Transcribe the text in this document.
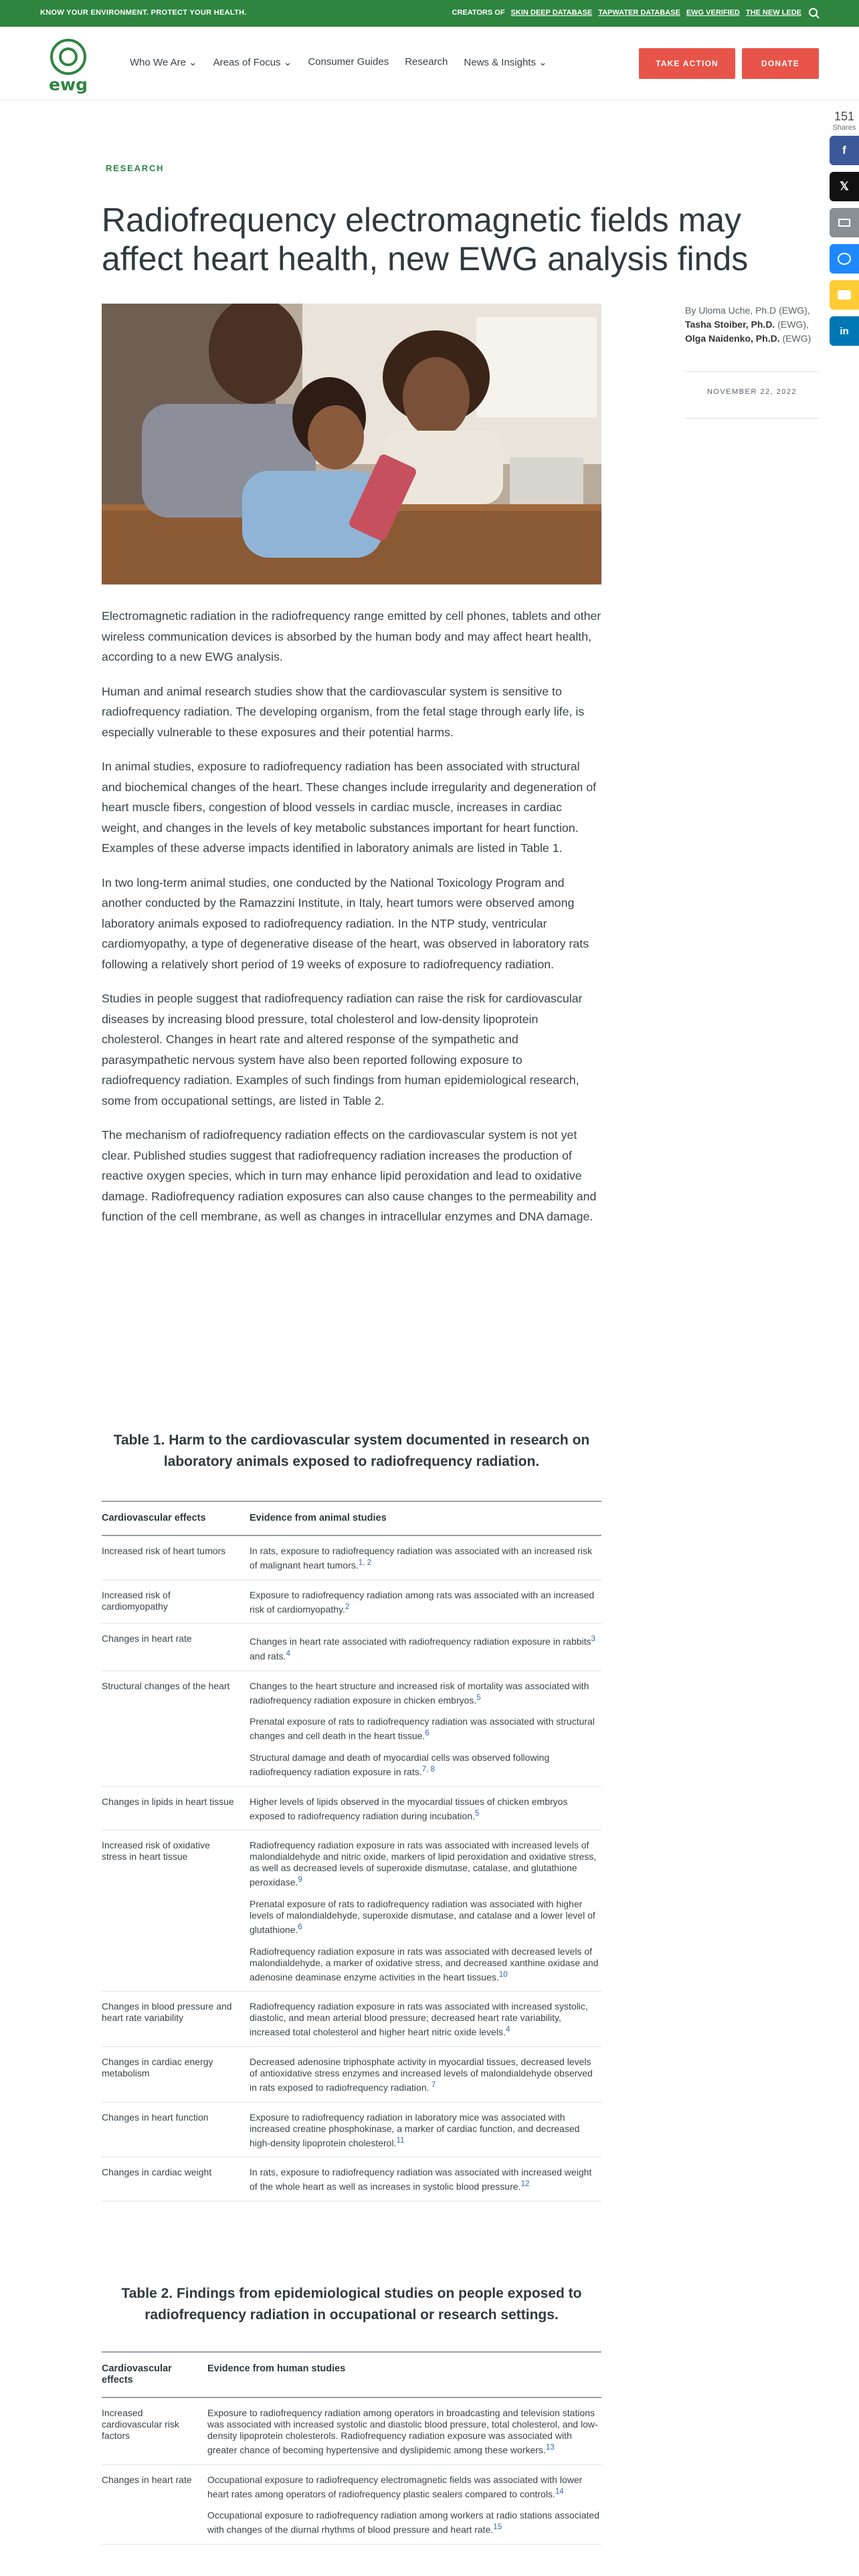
KNOW YOUR ENVIRONMENT. PROTECT YOUR HEALTH.	CREATORS OF SKIN DEEP DATABASE TAPWATER DATABASE EWG VERIFIED THE NEW LEDE
ewg
Who We Are ⌄ Areas of Focus ⌄ Consumer Guides Research News & Insights ⌄	TAKE ACTION	DONATE
151
Shares
f
𝕏
in
RESEARCH
Radiofrequency electromagnetic fields may affect heart health, new EWG analysis finds
By Uloma Uche, Ph.D (EWG), Tasha Stoiber, Ph.D. (EWG), Olga Naidenko, Ph.D. (EWG)
NOVEMBER 22, 2022

Electromagnetic radiation in the radiofrequency range emitted by cell phones, tablets and other wireless communication devices is absorbed by the human body and may affect heart health, according to a new EWG analysis.

Human and animal research studies show that the cardiovascular system is sensitive to radiofrequency radiation. The developing organism, from the fetal stage through early life, is especially vulnerable to these exposures and their potential harms.

In animal studies, exposure to radiofrequency radiation has been associated with structural and biochemical changes of the heart. These changes include irregularity and degeneration of heart muscle fibers, congestion of blood vessels in cardiac muscle, increases in cardiac weight, and changes in the levels of key metabolic substances important for heart function. Examples of these adverse impacts identified in laboratory animals are listed in Table 1.

In two long-term animal studies, one conducted by the National Toxicology Program and another conducted by the Ramazzini Institute, in Italy, heart tumors were observed among laboratory animals exposed to radiofrequency radiation. In the NTP study, ventricular cardiomyopathy, a type of degenerative disease of the heart, was observed in laboratory rats following a relatively short period of 19 weeks of exposure to radiofrequency radiation.

Studies in people suggest that radiofrequency radiation can raise the risk for cardiovascular diseases by increasing blood pressure, total cholesterol and low-density lipoprotein cholesterol. Changes in heart rate and altered response of the sympathetic and parasympathetic nervous system have also been reported following exposure to radiofrequency radiation. Examples of such findings from human epidemiological research, some from occupational settings, are listed in Table 2.

The mechanism of radiofrequency radiation effects on the cardiovascular system is not yet clear. Published studies suggest that radiofrequency radiation increases the production of reactive oxygen species, which in turn may enhance lipid peroxidation and lead to oxidative damage. Radiofrequency radiation exposures can also cause changes to the permeability and function of the cell membrane, as well as changes in intracellular enzymes and DNA damage.

Table 1. Harm to the cardiovascular system documented in research on laboratory animals exposed to radiofrequency radiation.
Cardiovascular effects	Evidence from animal studies
Increased risk of heart tumors	In rats, exposure to radiofrequency radiation was associated with an increased risk of malignant heart tumors.$^{1, 2}$

Increased risk of cardiomyopathy	Exposure to radiofrequency radiation among rats was associated with an increased risk of cardiomyopathy.$^2$

Changes in heart rate	Changes in heart rate associated with radiofrequency radiation exposure in rabbits$^3$ and rats.$^4$

Structural changes of the heart	Changes to the heart structure and increased risk of mortality was associated with radiofrequency radiation exposure in chicken embryos.$^5$

Prenatal exposure of rats to radiofrequency radiation was associated with structural changes and cell death in the heart tissue.$^6$

Structural damage and death of myocardial cells was observed following radiofrequency radiation exposure in rats.$^{7, 8}$

Changes in lipids in heart tissue	Higher levels of lipids observed in the myocardial tissues of chicken embryos exposed to radiofrequency radiation during incubation.$^5$

Increased risk of oxidative stress in heart tissue	Radiofrequency radiation exposure in rats was associated with increased levels of malondialdehyde and nitric oxide, markers of lipid peroxidation and oxidative stress, as well as decreased levels of superoxide dismutase, catalase, and glutathione peroxidase.$^9$

Prenatal exposure of rats to radiofrequency radiation was associated with higher levels of malondialdehyde, superoxide dismutase, and catalase and a lower level of glutathione.$^6$

Radiofrequency radiation exposure in rats was associated with decreased levels of malondialdehyde, a marker of oxidative stress, and decreased xanthine oxidase and adenosine deaminase enzyme activities in the heart tissues.$^{10}$

Changes in blood pressure and heart rate variability	Radiofrequency radiation exposure in rats was associated with increased systolic, diastolic, and mean arterial blood pressure; decreased heart rate variability, increased total cholesterol and higher heart nitric oxide levels.$^4$

Changes in cardiac energy metabolism	Decreased adenosine triphosphate activity in myocardial tissues, decreased levels of antioxidative stress enzymes and increased levels of malondialdehyde observed in rats exposed to radiofrequency radiation. $^7$

Changes in heart function	Exposure to radiofrequency radiation in laboratory mice was associated with increased creatine phosphokinase, a marker of cardiac function, and decreased high-density lipoprotein cholesterol.$^{11}$

Changes in cardiac weight	In rats, exposure to radiofrequency radiation was associated with increased weight of the whole heart as well as increases in systolic blood pressure.$^{12}$

Table 2. Findings from epidemiological studies on people exposed to radiofrequency radiation in occupational or research settings.
Cardiovascular effects	Evidence from human studies
Increased cardiovascular risk factors	Exposure to radiofrequency radiation among operators in broadcasting and television stations was associated with increased systolic and diastolic blood pressure, total cholesterol, and low-density lipoprotein cholesterols. Radiofrequency radiation exposure was associated with greater chance of becoming hypertensive and dyslipidemic among these workers.$^{13}$

Changes in heart rate	Occupational exposure to radiofrequency electromagnetic fields was associated with lower heart rates among operators of radiofrequency plastic sealers compared to controls.$^{14}$

Occupational exposure to radiofrequency radiation among workers at radio stations associated with changes of the diurnal rhythms of blood pressure and heart rate.$^{15}$
